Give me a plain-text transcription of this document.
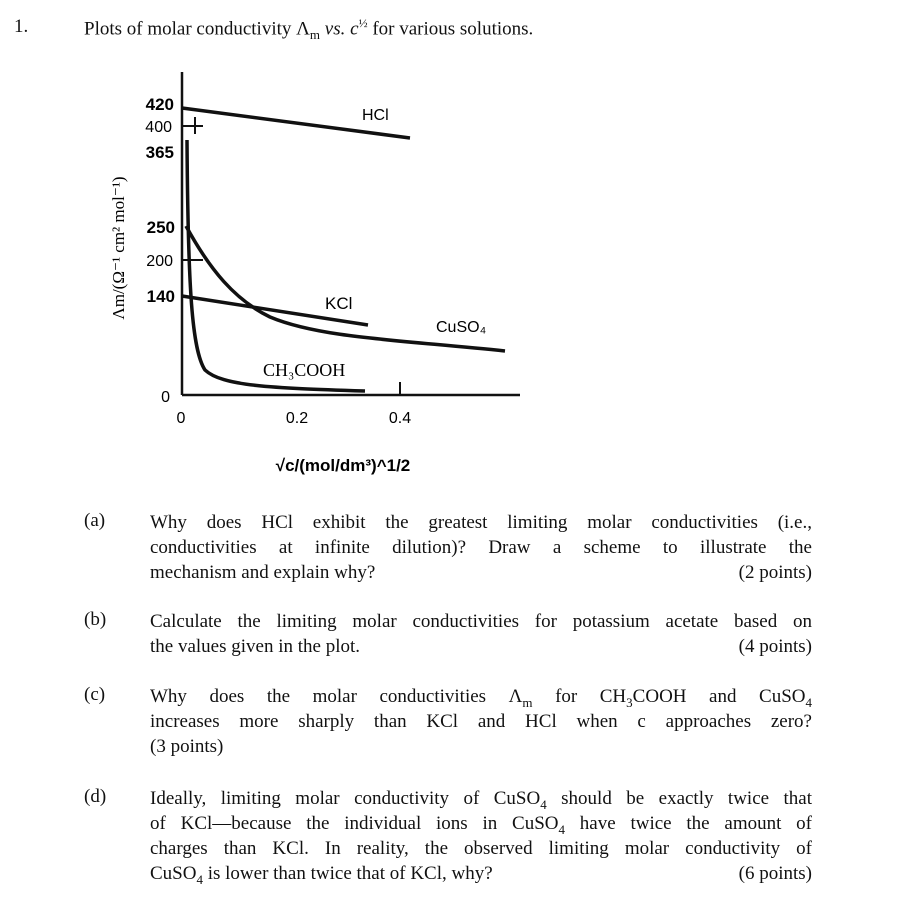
1.	Plots of molar conductivity $\Lambda_m$ vs. $c^{\frac{1}{2}}$ for various solutions.
420
400
365
250
200
140
0
0	0.2	0.4
√c/(mol/dm³)^1/2
Λm/(Ω⁻¹ cm² mol⁻¹)
HCl
KCl
CuSO₄
CH₃COOH
(a) Why does HCl exhibit the greatest limiting molar conductivities (i.e.,
conductivities at infinite dilution)? Draw a scheme to illustrate the
mechanism and explain why?	(2 points)
(b) Calculate the limiting molar conductivities for potassium acetate based on
the values given in the plot.	(4 points)
(c) Why does the molar conductivities $\Lambda_m$ for $CH_3COOH$ and CuSO$_4$
increases more sharply than KCl and HCl when c approaches zero?
(3 points)
(d) Ideally, limiting molar conductivity of CuSO$_4$ should be exactly twice that
of KCl—because the individual ions in CuSO$_4$ have twice the amount of
charges than KCl. In reality, the observed limiting molar conductivity of
CuSO$_4$ is lower than twice that of KCl, why?	(6 points)
